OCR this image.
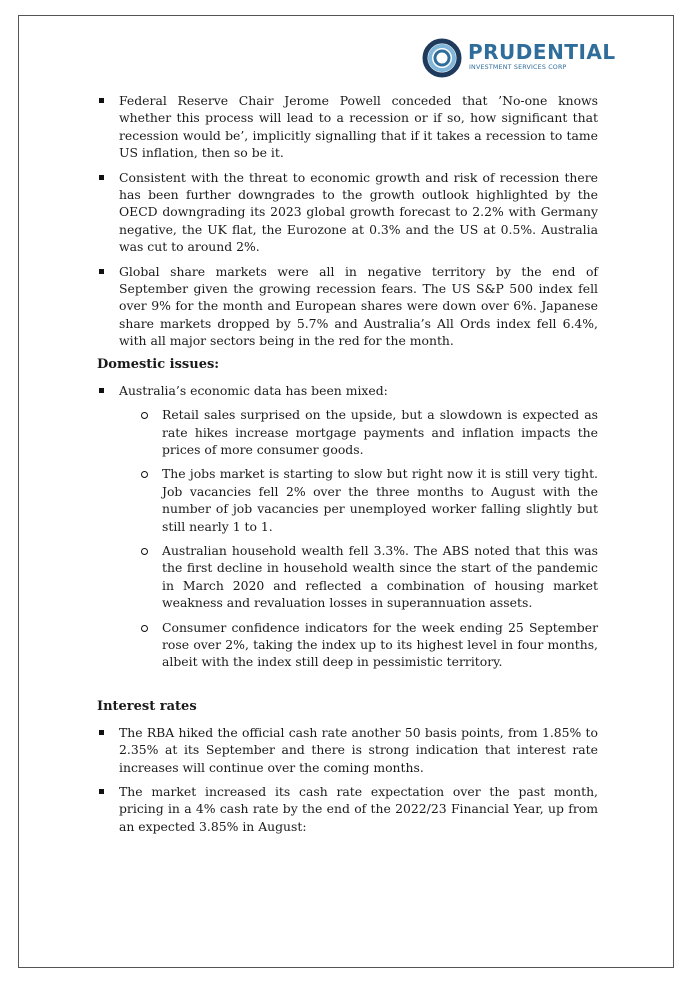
PRUDENTIAL
INVESTMENT SERVICES CORP

Federal Reserve Chair Jerome Powell conceded that ’No-one knows whether this process will lead to a recession or if so, how significant that recession would be’, implicitly signalling that if it takes a recession to tame US inflation, then so be it.

Consistent with the threat to economic growth and risk of recession there has been further downgrades to the growth outlook highlighted by the OECD downgrading its 2023 global growth forecast to 2.2% with Germany negative, the UK flat, the Eurozone at 0.3% and the US at 0.5%. Australia was cut to around 2%.

Global share markets were all in negative territory by the end of September given the growing recession fears. The US S&P 500 index fell over 9% for the month and European shares were down over 6%. Japanese share markets dropped by 5.7% and Australia’s All Ords index fell 6.4%, with all major sectors being in the red for the month.

Domestic issues:

Australia’s economic data has been mixed:

Retail sales surprised on the upside, but a slowdown is expected as rate hikes increase mortgage payments and inflation impacts the prices of more consumer goods.

The jobs market is starting to slow but right now it is still very tight. Job vacancies fell 2% over the three months to August with the number of job vacancies per unemployed worker falling slightly but still nearly 1 to 1.

Australian household wealth fell 3.3%. The ABS noted that this was the first decline in household wealth since the start of the pandemic in March 2020 and reflected a combination of housing market weakness and revaluation losses in superannuation assets.

Consumer confidence indicators for the week ending 25 September rose over 2%, taking the index up to its highest level in four months, albeit with the index still deep in pessimistic territory.

Interest rates

The RBA hiked the official cash rate another 50 basis points, from 1.85% to 2.35% at its September and there is strong indication that interest rate increases will continue over the coming months.

The market increased its cash rate expectation over the past month, pricing in a 4% cash rate by the end of the 2022/23 Financial Year, up from an expected 3.85% in August:
